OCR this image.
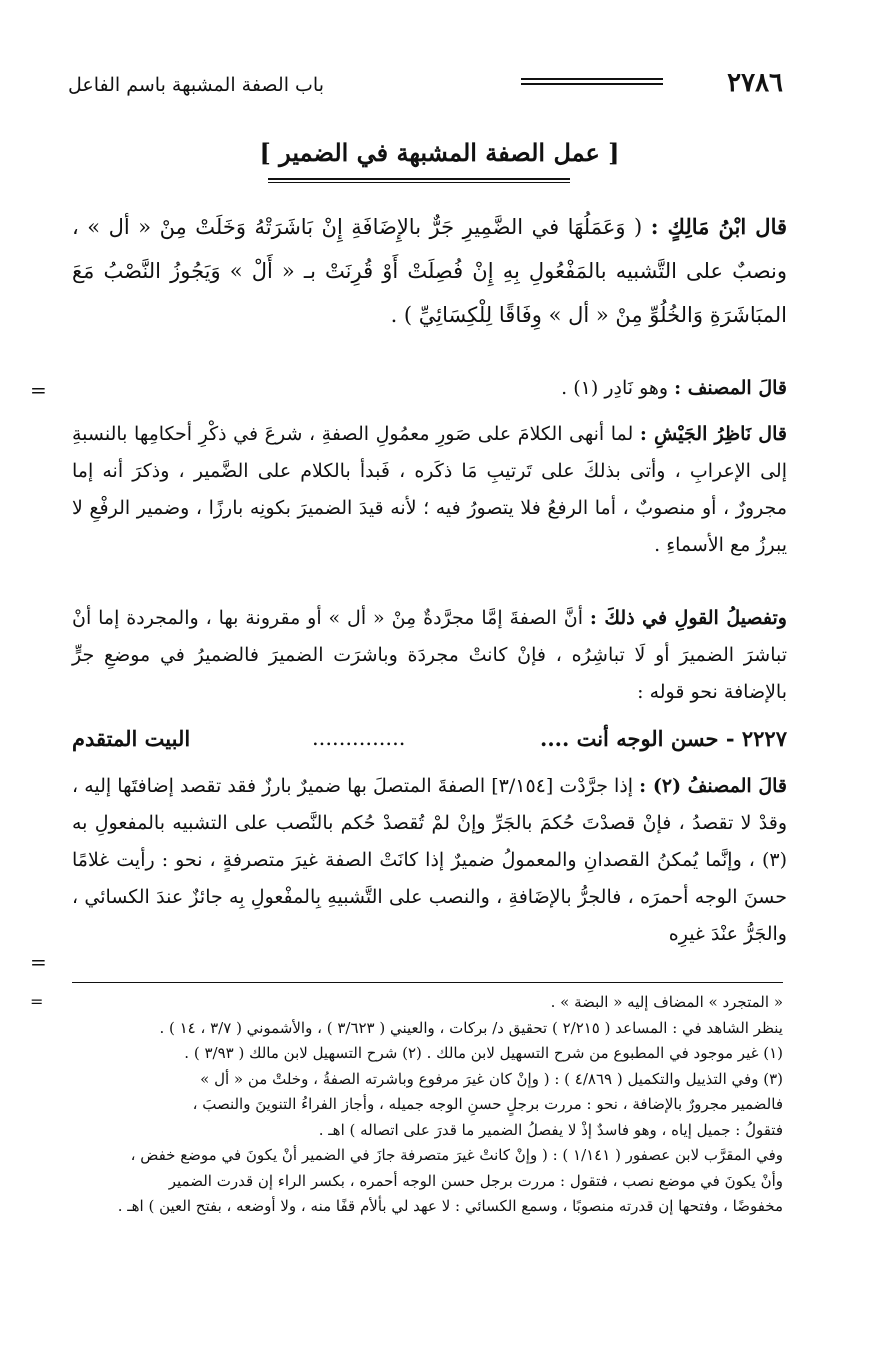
٢٧٨٦
باب الصفة المشبهة باسم الفاعل
[ عمل الصفة المشبهة في الضمير ]

قال ابْنُ مَالِكٍ : ( وَعَمَلُهَا في الضَّمِيرِ جَرٌّ بالإِضَافَةِ إِنْ بَاشَرَتْهُ وَخَلَتْ مِنْ « أل » ، ونصبٌ على التَّشبيه بالمَفْعُولِ بِهِ إِنْ فُصِلَتْ أَوْ قُرِنَتْ بـ « أَلْ » وَيَجُوزُ النَّصْبُ مَعَ المبَاشَرَةِ وَالخُلُوِّ مِنْ « أل » وِفَاقًا لِلْكِسَائِيِّ ) .

=	قالَ المصنف : وهو نَادِر (١) .

قال نَاظِرُ الجَيْشِ : لما أنهى الكلامَ على صَورِ معمُولِ الصفةِ ، شرعَ في ذكْرِ أحكامِها بالنسبةِ إلى الإعرابِ ، وأتى بذلكَ على تَرتيبِ مَا ذكَره ، فَبدأ بالكلام على الضَّمير ، وذكرَ أنه إما مجرورٌ ، أو منصوبٌ ، أما الرفعُ فلا يتصورُ فيه ؛ لأنه قيدَ الضميرَ بكونِه بارزًا ، وضمير الرفْعِ لا يبرزُ مع الأسماءِ .

وتفصيلُ القولِ في ذلكَ : أنَّ الصفةَ إمَّا مجرَّدةٌ مِنْ « أل » أو مقرونة بها ، والمجردة إما أنْ تباشرَ الضميرَ أو لَا تباشِرُه ، فإنْ كانتْ مجردَة وباشرَت الضميرَ فالضميرُ في موضعِ جرٍّ بالإضافة نحو قوله :

٢٢٢٧ - حسن الوجه أنت ....
..............
البيت المتقدم

قالَ المصنفُ (٢) : إذا جرَّدْت [٣/١٥٤] الصفةَ المتصلَ بها ضميرٌ بارزٌ فقد تقصد إضافتَها إليه ، وقدْ لا تقصدُ ، فإنْ قصدْتَ حُكمَ بالجَرِّ وإنْ لمْ تُقصدْ حُكم بالنَّصب على التشبيه بالمفعولِ به (٣) ، وإنَّما يُمكنُ القصدانِ والمعمولُ ضميرٌ إذا كانَتْ الصفة غيرَ متصرفةٍ ، نحو : رأيت غلامًا حسنَ الوجه أحمرَه ، فالجرُّ بالإضَافةِ ، والنصب على التَّشبيهِ بِالمفْعولِ بِه جائزٌ عندَ الكسائي ، والجَرُّ عنْدَ غيرِه

=
=	« المتجرد » المضاف إليه « البضة » .

ينظر الشاهد في : المساعد ( ٢/٢١٥ ) تحقيق د/ بركات ، والعيني ( ٣/٦٢٣ ) ، والأشموني ( ٣/٧ ، ١٤ ) .

(١) غير موجود في المطبوع من شرح التسهيل لابن مالك . (٢) شرح التسهيل لابن مالك ( ٣/٩٣ ) .

(٣) وفي التذييل والتكميل ( ٤/٨٦٩ ) : ( وإنْ كان غيرَ مرفوع وباشرته الصفةُ ، وخلتْ من « أل »

فالضمير مجرورٌ بالإضافة ، نحو : مررت برجلٍ حسنِ الوجه جميله ، وأجاز الفراءُ التنوينَ والنصبَ ،

فتقولُ : جميل إياه ، وهو فاسدٌ إذْ لا يفصلُ الضمير ما قدرَ على اتصاله ) اهـ .

وفي المقرَّب لابن عصفور ( ١/١٤١ ) : ( وإنْ كانتْ غيرَ متصرفة جازَ في الضمير أنْ يكونَ في موضع خفض ،

وأنْ يكونَ في موضع نصب ، فتقول : مررت برجل حسن الوجه أحمره ، بكسر الراء إن قدرت الضمير

مخفوضًا ، وفتحها إن قدرته منصوبًا ، وسمع الكسائي : لا عهد لي بألأم قفًا منه ، ولا أوضعه ، بفتح العين ) اهـ .
